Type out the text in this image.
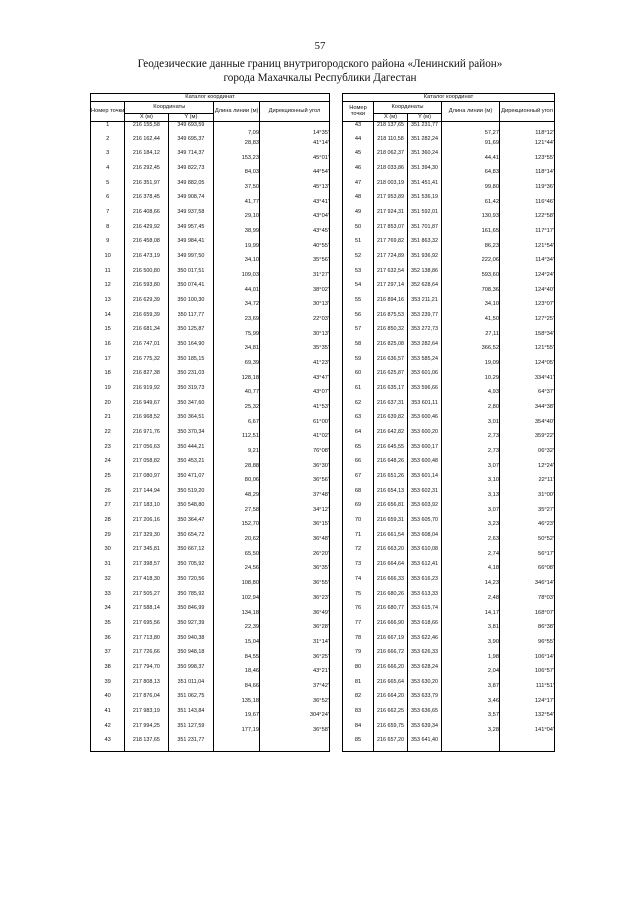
57
Геодезические данные границ внутригородского района «Ленинский район»
города Махачкалы Республики Дагестан
Каталог координат				
Номер точки	Координаты		Длина линии (м)	Дирекционный угол
	X (м)	Y (м)		
1	216 155,58	349 693,59	7,09	14°35'
2	216 162,44	349 695,37	28,83	41°14'
3	216 184,12	349 714,37	153,23	45°01'
4	216 292,45	349 822,73	84,03	44°54'
5	216 351,97	349 882,05	37,50	45°13'
6	216 378,45	349 908,74	41,77	43°41'
7	216 408,66	349 937,58	29,10	43°04'
8	216 429,92	349 957,45	38,99	43°45'
9	216 458,08	349 984,41	19,99	40°55'
10	216 473,19	349 997,50	34,10	35°56'
11	216 500,80	350 017,51	109,03	31°27'
12	216 593,80	350 074,41	44,01	38°02'
13	216 629,39	350 100,30	34,72	30°13'
14	216 659,39	350 117,77	23,69	22°03'
15	216 681,34	350 125,87	75,99	30°13'
16	216 747,01	350 164,90	34,81	35°35'
17	216 775,32	350 185,15	69,39	41°23'
18	216 827,38	350 231,03	128,18	43°47'
19	216 919,92	350 319,73	40,77	43°07'
20	216 949,67	350 347,60	25,32	41°53'
21	216 968,52	350 364,51	6,67	61°00'
22	216 971,76	350 370,34	112,51	41°02'
23	217 056,63	350 444,21	9,21	76°08'
24	217 058,82	350 453,21	28,88	36°30'
25	217 080,97	350 471,07	80,06	36°56'
26	217 144,94	350 519,20	48,29	37°48'
27	217 183,10	350 548,80	27,58	34°12'
28	217 206,16	350 364,47	152,70	36°15'
29	217 329,30	350 654,72	20,62	36°48'
30	217 345,81	350 667,12	65,50	26°20'
31	217 398,57	350 705,92	24,56	36°35'
32	217 418,30	350 720,56	108,80	36°55'
33	217 505,27	350 785,92	102,94	36°23'
34	217 588,14	350 846,99	134,18	36°49'
35	217 695,56	350 927,39	22,39	36°28'
36	217 713,80	350 940,38	15,04	31°14'
37	217 726,66	350 948,18	84,55	36°25'
38	217 794,70	350 998,37	18,46	43°21'
39	217 808,13	351 011,04	84,66	37°42'
40	217 876,04	351 062,75	135,18	36°52'
41	217 983,19	351 143,84	19,67	304°24'
42	217 994,25	351 127,59	177,19	36°58'
43	218 137,65	351 231,77		
Каталог координат				
Номер точки	Координаты		Длина линии (м)	Дирекционный угол
	X (м)	Y (м)		
43	218 137,65	351 231,77	57,27	118°12'
44	218 110,58	351 282,24	91,69	121°44'
45	218 062,37	351 360,24	44,41	123°55'
46	218 033,86	351 394,30	64,83	118°14'
47	218 003,19	351 451,41	99,80	119°36'
48	217 953,89	351 536,19	61,42	116°46'
49	217 924,31	351 592,01	130,93	122°58'
50	217 853,07	351 701,87	161,65	117°17'
51	217 769,82	351 863,32	86,23	121°54'
52	217 724,89	351 936,92	222,06	114°34'
53	217 632,54	352 138,86	593,60	124°24'
54	217 297,14	352 628,64	708,36	124°40'
55	216 894,16	353 211,21	34,10	123°07'
56	216 875,53	353 239,77	41,50	127°25'
57	216 850,32	353 272,73	27,11	158°34'
58	216 825,08	353 282,64	366,52	121°55'
59	216 636,57	353 585,24	19,09	124°05'
60	216 625,87	353 601,06	10,29	334°41'
61	216 635,17	353 596,66	4,93	64°37'
62	216 637,31	353 601,11	2,80	344°38'
63	216 639,82	353 600,46	3,01	354°40'
64	216 642,82	353 600,20	2,73	359°22'
65	216 645,55	353 600,17	2,73	06°32'
66	216 648,26	353 600,48	3,07	12°24'
67	216 651,26	353 601,14	3,10	22°11'
68	216 654,13	353 602,31	3,13	31°00'
69	216 656,81	353 603,92	3,07	35°27'
70	216 659,31	353 605,70	3,23	46°23'
71	216 661,54	353 608,04	2,63	50°52'
72	216 663,20	353 610,08	2,74	56°17'
73	216 664,64	353 612,41	4,18	66°08'
74	216 666,33	353 616,23	14,23	346°14'
75	216 680,26	353 613,33	2,48	78°03'
76	216 680,77	353 615,74	14,17	168°07'
77	216 666,90	353 618,66	3,81	86°38'
78	216 667,19	353 622,46	3,90	96°55'
79	216 666,72	353 626,33	1,98	106°14'
80	216 666,20	353 628,24	2,04	106°57'
81	216 665,64	353 630,20	3,87	111°51'
82	216 664,20	353 633,79	3,46	124°17'
83	216 662,25	353 636,65	3,57	132°54'
84	216 659,75	353 639,34	3,28	141°04'
85	216 657,20	353 641,40		
